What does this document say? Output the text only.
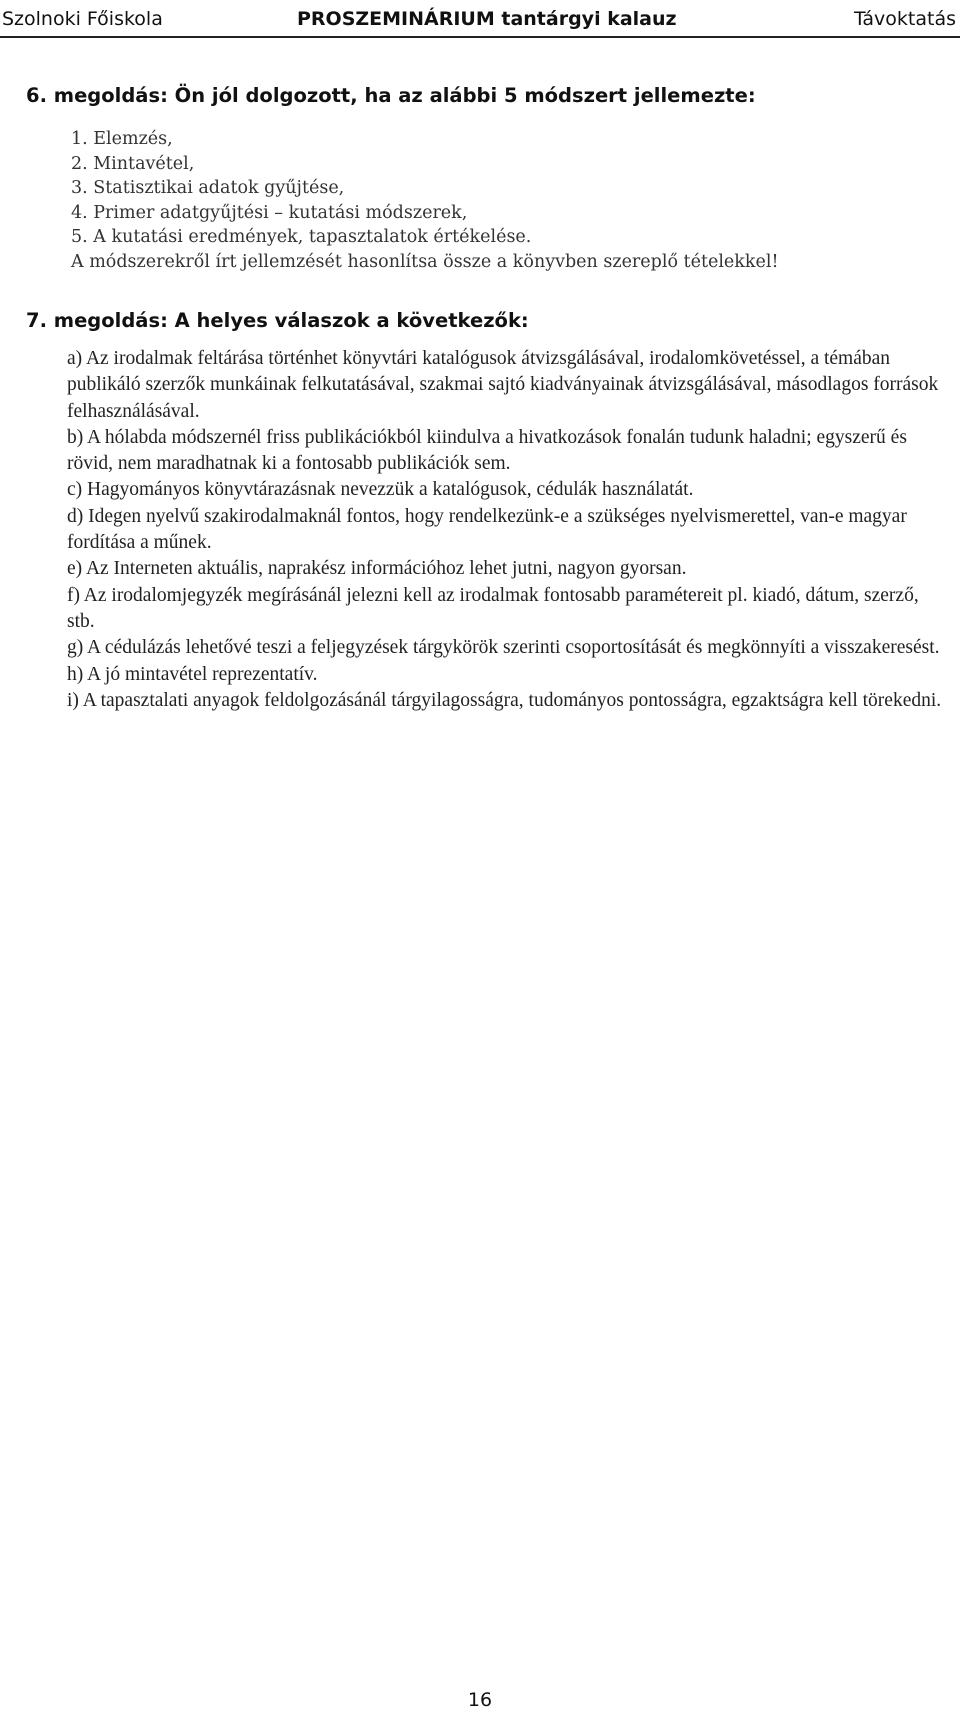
Szolnoki Főiskola	PROSZEMINÁRIUM tantárgyi kalauz	Távoktatás
6. megoldás: Ön jól dolgozott, ha az alábbi 5 módszert jellemezte:
1. Elemzés,
2. Mintavétel,
3. Statisztikai adatok gyűjtése,
4. Primer adatgyűjtési – kutatási módszerek,
5. A kutatási eredmények, tapasztalatok értékelése.
A módszerekről írt jellemzését hasonlítsa össze a könyvben szereplő tételekkel!
7. megoldás: A helyes válaszok a következők:
a) Az irodalmak feltárása történhet könyvtári katalógusok átvizsgálásával, irodalomkövetéssel, a témában publikáló szerzők munkáinak felkutatásával, szakmai sajtó kiadványainak átvizsgálásával, másodlagos források felhasználásával.
b) A hólabda módszernél friss publikációkból kiindulva a hivatkozások fonalán tudunk haladni; egyszerű és rövid, nem maradhatnak ki a fontosabb publikációk sem.
c) Hagyományos könyvtárazásnak nevezzük a katalógusok, cédulák használatát.
d) Idegen nyelvű szakirodalmaknál fontos, hogy rendelkezünk-e a szükséges nyelvismerettel, van-e magyar fordítása a műnek.
e) Az Interneten aktuális, naprakész információhoz lehet jutni, nagyon gyorsan.
f) Az irodalomjegyzék megírásánál jelezni kell az irodalmak fontosabb paramétereit pl. kiadó, dátum, szerző, stb.
g) A cédulázás lehetővé teszi a feljegyzések tárgykörök szerinti csoportosítását és megkönnyíti a visszakeresést.
h) A jó mintavétel reprezentatív.
i) A tapasztalati anyagok feldolgozásánál tárgyilagosságra, tudományos pontosságra, egzaktságra kell törekedni.
16
